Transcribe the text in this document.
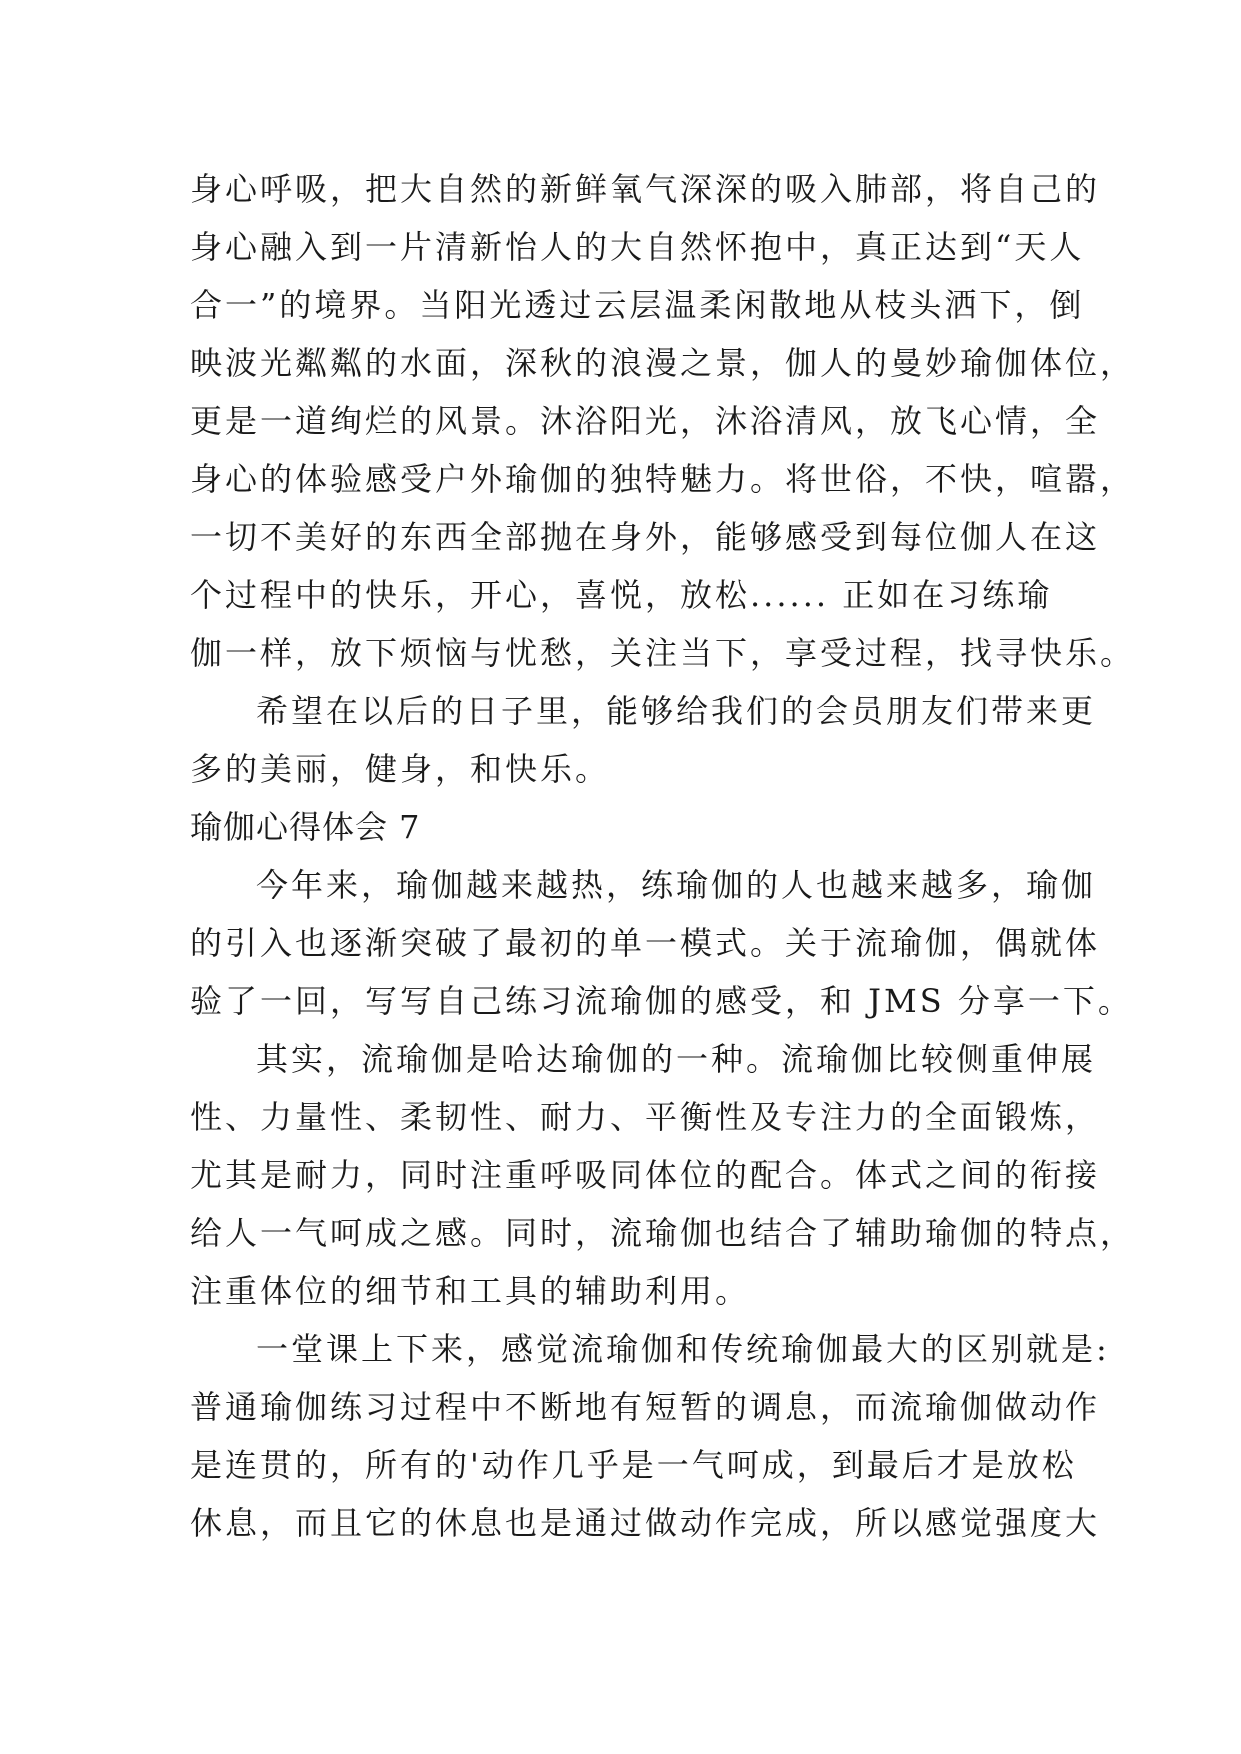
身心呼吸，把大自然的新鲜氧气深深的吸入肺部，将自己的
身心融入到一片清新怡人的大自然怀抱中，真正达到“天人
合一”的境界。当阳光透过云层温柔闲散地从枝头洒下，倒
映波光粼粼的水面，深秋的浪漫之景，伽人的曼妙瑜伽体位，
更是一道绚烂的风景。沐浴阳光，沐浴清风，放飞心情，全
身心的体验感受户外瑜伽的独特魅力。将世俗，不快，喧嚣，
一切不美好的东西全部抛在身外，能够感受到每位伽人在这
个过程中的快乐，开心，喜悦，放松...... 正如在习练瑜
伽一样，放下烦恼与忧愁，关注当下，享受过程，找寻快乐。
希望在以后的日子里，能够给我们的会员朋友们带来更
多的美丽，健身，和快乐。
瑜伽心得体会 7
今年来，瑜伽越来越热，练瑜伽的人也越来越多，瑜伽
的引入也逐渐突破了最初的单一模式。关于流瑜伽，偶就体
验了一回，写写自己练习流瑜伽的感受，和 JMS 分享一下。
其实，流瑜伽是哈达瑜伽的一种。流瑜伽比较侧重伸展
性、力量性、柔韧性、耐力、平衡性及专注力的全面锻炼，
尤其是耐力，同时注重呼吸同体位的配合。体式之间的衔接
给人一气呵成之感。同时，流瑜伽也结合了辅助瑜伽的特点，
注重体位的细节和工具的辅助利用。
一堂课上下来，感觉流瑜伽和传统瑜伽最大的区别就是:
普通瑜伽练习过程中不断地有短暂的调息，而流瑜伽做动作
是连贯的，所有的'动作几乎是一气呵成，到最后才是放松
休息，而且它的休息也是通过做动作完成，所以感觉强度大
